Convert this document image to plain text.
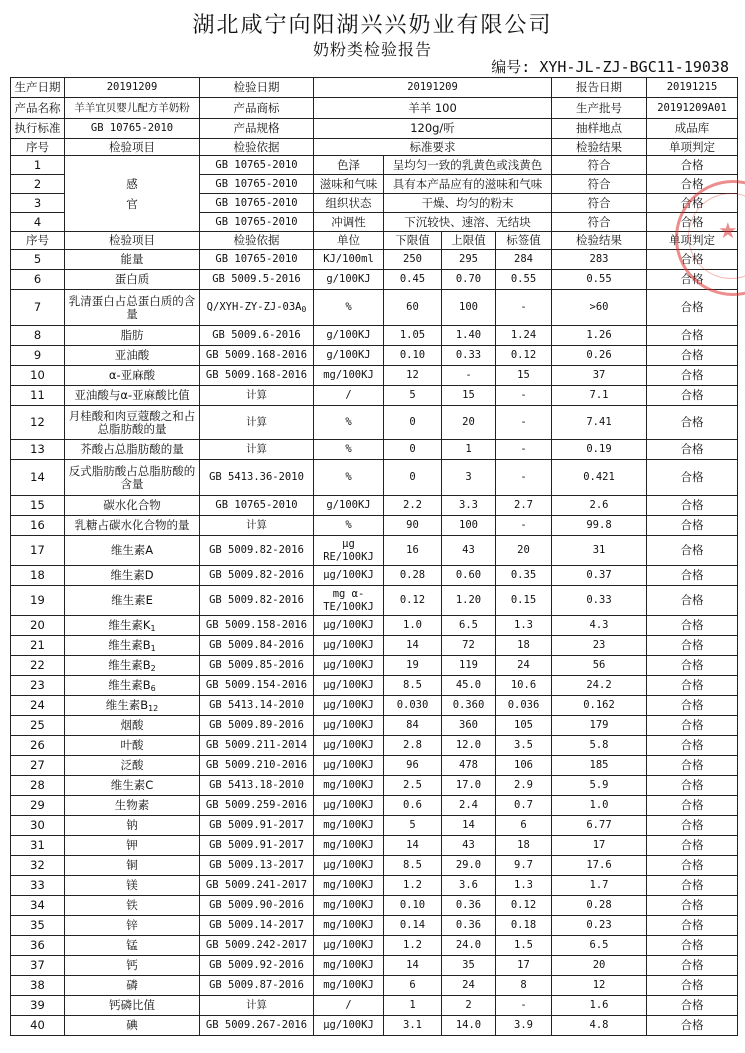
湖北咸宁向阳湖兴兴奶业有限公司
奶粉类检验报告
编号: XYH-JL-ZJ-BGC11-19038
生产日期	20191209	检验日期	20191209				报告日期	20191215
产品名称	羊羊宜贝婴儿配方羊奶粉	产品商标	羊羊 100				生产批号	20191209A01
执行标准	GB 10765-2010	产品规格	120g/听				抽样地点	成品库
序号	检验项目	检验依据	标准要求				检验结果	单项判定
1	感官	GB 10765-2010	色泽	呈均匀一致的乳黄色或浅黄色			符合	合格
2		GB 10765-2010	滋味和气味	具有本产品应有的滋味和气味			符合	合格
3		GB 10765-2010	组织状态	干燥、均匀的粉末			符合	合格
4		GB 10765-2010	冲调性	下沉较快、速溶、无结块			符合	合格
序号	检验项目	检验依据	单位	下限值	上限值	标签值	检验结果	单项判定
5	能量	GB 10765-2010	KJ/100ml	250	295	284	283	合格
6	蛋白质	GB 5009.5-2016	g/100KJ	0.45	0.70	0.55	0.55	合格
7	乳清蛋白占总蛋白质的含量	$Q/XYH-ZY-ZJ-03A_0$	%	60	100	-	>60	合格
8	脂肪	GB 5009.6-2016	g/100KJ	1.05	1.40	1.24	1.26	合格
9	亚油酸	GB 5009.168-2016	g/100KJ	0.10	0.33	0.12	0.26	合格
10	α-亚麻酸	GB 5009.168-2016	mg/100KJ	12	-	15	37	合格
11	亚油酸与α-亚麻酸比值	计算	/	5	15	-	7.1	合格
12	月桂酸和肉豆蔻酸之和占总脂肪酸的量	计算	%	0	20	-	7.41	合格
13	芥酸占总脂肪酸的量	计算	%	0	1	-	0.19	合格
14	反式脂肪酸占总脂肪酸的含量	GB 5413.36-2010	%	0	3	-	0.421	合格
15	碳水化合物	GB 10765-2010	g/100KJ	2.2	3.3	2.7	2.6	合格
16	乳糖占碳水化合物的量	计算	%	90	100	-	99.8	合格
17	维生素A	GB 5009.82-2016	μg RE/100KJ	16	43	20	31	合格
18	维生素D	GB 5009.82-2016	μg/100KJ	0.28	0.60	0.35	0.37	合格
19	维生素E	GB 5009.82-2016	mg α-TE/100KJ	0.12	1.20	0.15	0.33	合格
20	维生素$K_1$	GB 5009.158-2016	μg/100KJ	1.0	6.5	1.3	4.3	合格
21	维生素$B_1$	GB 5009.84-2016	μg/100KJ	14	72	18	23	合格
22	维生素$B_2$	GB 5009.85-2016	μg/100KJ	19	119	24	56	合格
23	维生素$B_6$	GB 5009.154-2016	μg/100KJ	8.5	45.0	10.6	24.2	合格
24	维生素$B_{12}$	GB 5413.14-2010	μg/100KJ	0.030	0.360	0.036	0.162	合格
25	烟酸	GB 5009.89-2016	μg/100KJ	84	360	105	179	合格
26	叶酸	GB 5009.211-2014	μg/100KJ	2.8	12.0	3.5	5.8	合格
27	泛酸	GB 5009.210-2016	μg/100KJ	96	478	106	185	合格
28	维生素C	GB 5413.18-2010	mg/100KJ	2.5	17.0	2.9	5.9	合格
29	生物素	GB 5009.259-2016	μg/100KJ	0.6	2.4	0.7	1.0	合格
30	钠	GB 5009.91-2017	mg/100KJ	5	14	6	6.77	合格
31	钾	GB 5009.91-2017	mg/100KJ	14	43	18	17	合格
32	铜	GB 5009.13-2017	μg/100KJ	8.5	29.0	9.7	17.6	合格
33	镁	GB 5009.241-2017	mg/100KJ	1.2	3.6	1.3	1.7	合格
34	铁	GB 5009.90-2016	mg/100KJ	0.10	0.36	0.12	0.28	合格
35	锌	GB 5009.14-2017	mg/100KJ	0.14	0.36	0.18	0.23	合格
36	锰	GB 5009.242-2017	μg/100KJ	1.2	24.0	1.5	6.5	合格
37	钙	GB 5009.92-2016	mg/100KJ	14	35	17	20	合格
38	磷	GB 5009.87-2016	mg/100KJ	6	24	8	12	合格
39	钙磷比值	计算	/	1	2	-	1.6	合格
40	碘	GB 5009.267-2016	μg/100KJ	3.1	14.0	3.9	4.8	合格
★
